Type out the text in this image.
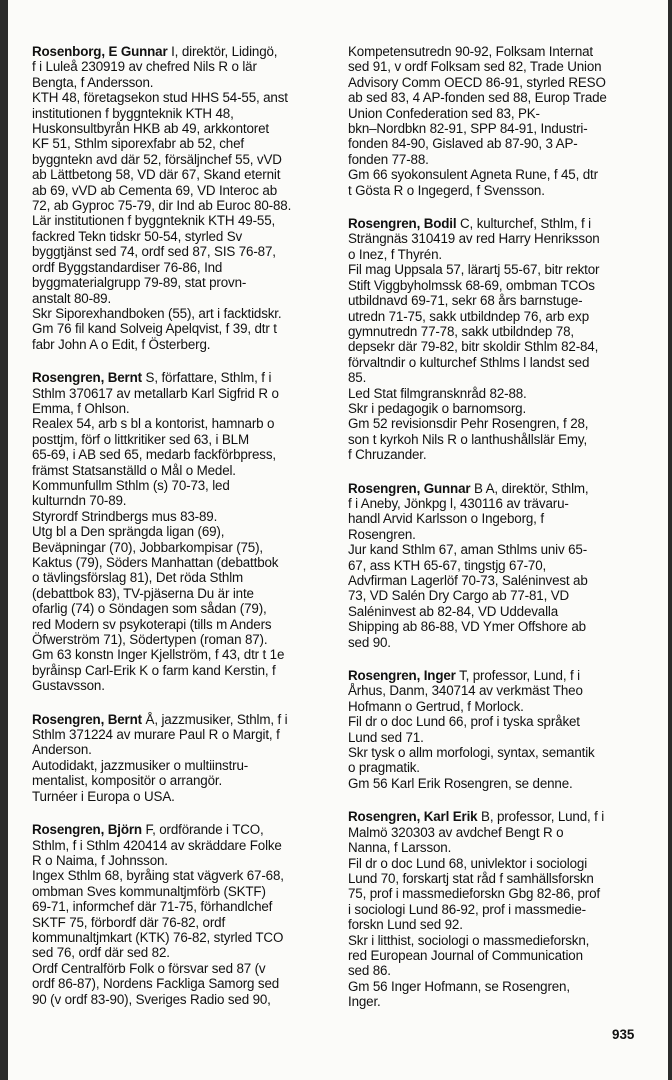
Rosenborg, E Gunnar I, direktör, Lidingö,
f i Luleå 230919 av chefred Nils R o lär
Bengta, f Andersson.
KTH 48, företagsekon stud HHS 54-55, anst
institutionen f byggnteknik KTH 48,
Huskonsultbyrån HKB ab 49, arkkontoret
KF 51, Sthlm siporexfabr ab 52, chef
byggntekn avd där 52, försäljnchef 55, vVD
ab Lättbetong 58, VD där 67, Skand eternit
ab 69, vVD ab Cementa 69, VD Interoc ab
72, ab Gyproc 75-79, dir Ind ab Euroc 80-88.
Lär institutionen f byggnteknik KTH 49-55,
fackred Tekn tidskr 50-54, styrled Sv
byggtjänst sed 74, ordf sed 87, SIS 76-87,
ordf Byggstandardiser 76-86, Ind
byggmaterialgrupp 79-89, stat provn-
anstalt 80-89.
Skr Siporexhandboken (55), art i facktidskr.
Gm 76 fil kand Solveig Apelqvist, f 39, dtr t
fabr John A o Edit, f Österberg.
Rosengren, Bernt S, författare, Sthlm, f i
Sthlm 370617 av metallarb Karl Sigfrid R o
Emma, f Ohlson.
Realex 54, arb s bl a kontorist, hamnarb o
posttjm, förf o littkritiker sed 63, i BLM
65-69, i AB sed 65, medarb fackförbpress,
främst Statsanställd o Mål o Medel.
Kommunfullm Sthlm (s) 70-73, led
kulturndn 70-89.
Styrordf Strindbergs mus 83-89.
Utg bl a Den sprängda ligan (69),
Beväpningar (70), Jobbarkompisar (75),
Kaktus (79), Söders Manhattan (debattbok
o tävlingsförslag 81), Det röda Sthlm
(debattbok 83), TV-pjäserna Du är inte
ofarlig (74) o Söndagen som sådan (79),
red Modern sv psykoterapi (tills m Anders
Öfwerström 71), Södertypen (roman 87).
Gm 63 konstn Inger Kjellström, f 43, dtr t 1e
byråinsp Carl-Erik K o farm kand Kerstin, f
Gustavsson.
Rosengren, Bernt Å, jazzmusiker, Sthlm, f i
Sthlm 371224 av murare Paul R o Margit, f
Anderson.
Autodidakt, jazzmusiker o multiinstru-
mentalist, kompositör o arrangör.
Turnéer i Europa o USA.
Rosengren, Björn F, ordförande i TCO,
Sthlm, f i Sthlm 420414 av skräddare Folke
R o Naima, f Johnsson.
Ingex Sthlm 68, byråing stat vägverk 67-68,
ombman Sves kommunaltjmförb (SKTF)
69-71, informchef där 71-75, förhandlchef
SKTF 75, förbordf där 76-82, ordf
kommunaltjmkart (KTK) 76-82, styrled TCO
sed 76, ordf där sed 82.
Ordf Centralförb Folk o försvar sed 87 (v
ordf 86-87), Nordens Fackliga Samorg sed
90 (v ordf 83-90), Sveriges Radio sed 90,
Kompetensutredn 90-92, Folksam Internat
sed 91, v ordf Folksam sed 82, Trade Union
Advisory Comm OECD 86-91, styrled RESO
ab sed 83, 4 AP-fonden sed 88, Europ Trade
Union Confederation sed 83, PK-
bkn–Nordbkn 82-91, SPP 84-91, Industri-
fonden 84-90, Gislaved ab 87-90, 3 AP-
fonden 77-88.
Gm 66 syokonsulent Agneta Rune, f 45, dtr
t Gösta R o Ingegerd, f Svensson.
Rosengren, Bodil C, kulturchef, Sthlm, f i
Strängnäs 310419 av red Harry Henriksson
o Inez, f Thyrén.
Fil mag Uppsala 57, lärartj 55-67, bitr rektor
Stift Viggbyholmssk 68-69, ombman TCOs
utbildnavd 69-71, sekr 68 års barnstuge-
utredn 71-75, sakk utbildndep 76, arb exp
gymnutredn 77-78, sakk utbildndep 78,
depsekr där 79-82, bitr skoldir Sthlm 82-84,
förvaltndir o kulturchef Sthlms l landst sed
85.
Led Stat filmgranskn​råd 82-88.
Skr i pedagogik o barnomsorg.
Gm 52 revisionsdir Pehr Rosengren, f 28,
son t kyrkoh Nils R o lanthushållslär Emy,
f Chruzander.
Rosengren, Gunnar B A, direktör, Sthlm,
f i Aneby, Jönkpg l, 430116 av trävaru-
handl Arvid Karlsson o Ingeborg, f
Rosengren.
Jur kand Sthlm 67, aman Sthlms univ 65-
67, ass KTH 65-67, tingstjg 67-70,
Advfirman Lagerlöf 70-73, Saléninvest ab
73, VD Salén Dry Cargo ab 77-81, VD
Saléninvest ab 82-84, VD Uddevalla
Shipping ab 86-88, VD Ymer Offshore ab
sed 90.
Rosengren, Inger T, professor, Lund, f i
Århus, Danm, 340714 av verkmäst Theo
Hofmann o Gertrud, f Morlock.
Fil dr o doc Lund 66, prof i tyska språket
Lund sed 71.
Skr tysk o allm morfologi, syntax, semantik
o pragmatik.
Gm 56 Karl Erik Rosengren, se denne.
Rosengren, Karl Erik B, professor, Lund, f i
Malmö 320303 av avdchef Bengt R o
Nanna, f Larsson.
Fil dr o doc Lund 68, univlektor i sociologi
Lund 70, forskartj stat råd f samhällsforskn
75, prof i massmedieforskn Gbg 82-86, prof
i sociologi Lund 86-92, prof i massmedie-
forskn Lund sed 92.
Skr i litthist, sociologi o massmedieforskn,
red European Journal of Communication
sed 86.
Gm 56 Inger Hofmann, se Rosengren,
Inger.
935
